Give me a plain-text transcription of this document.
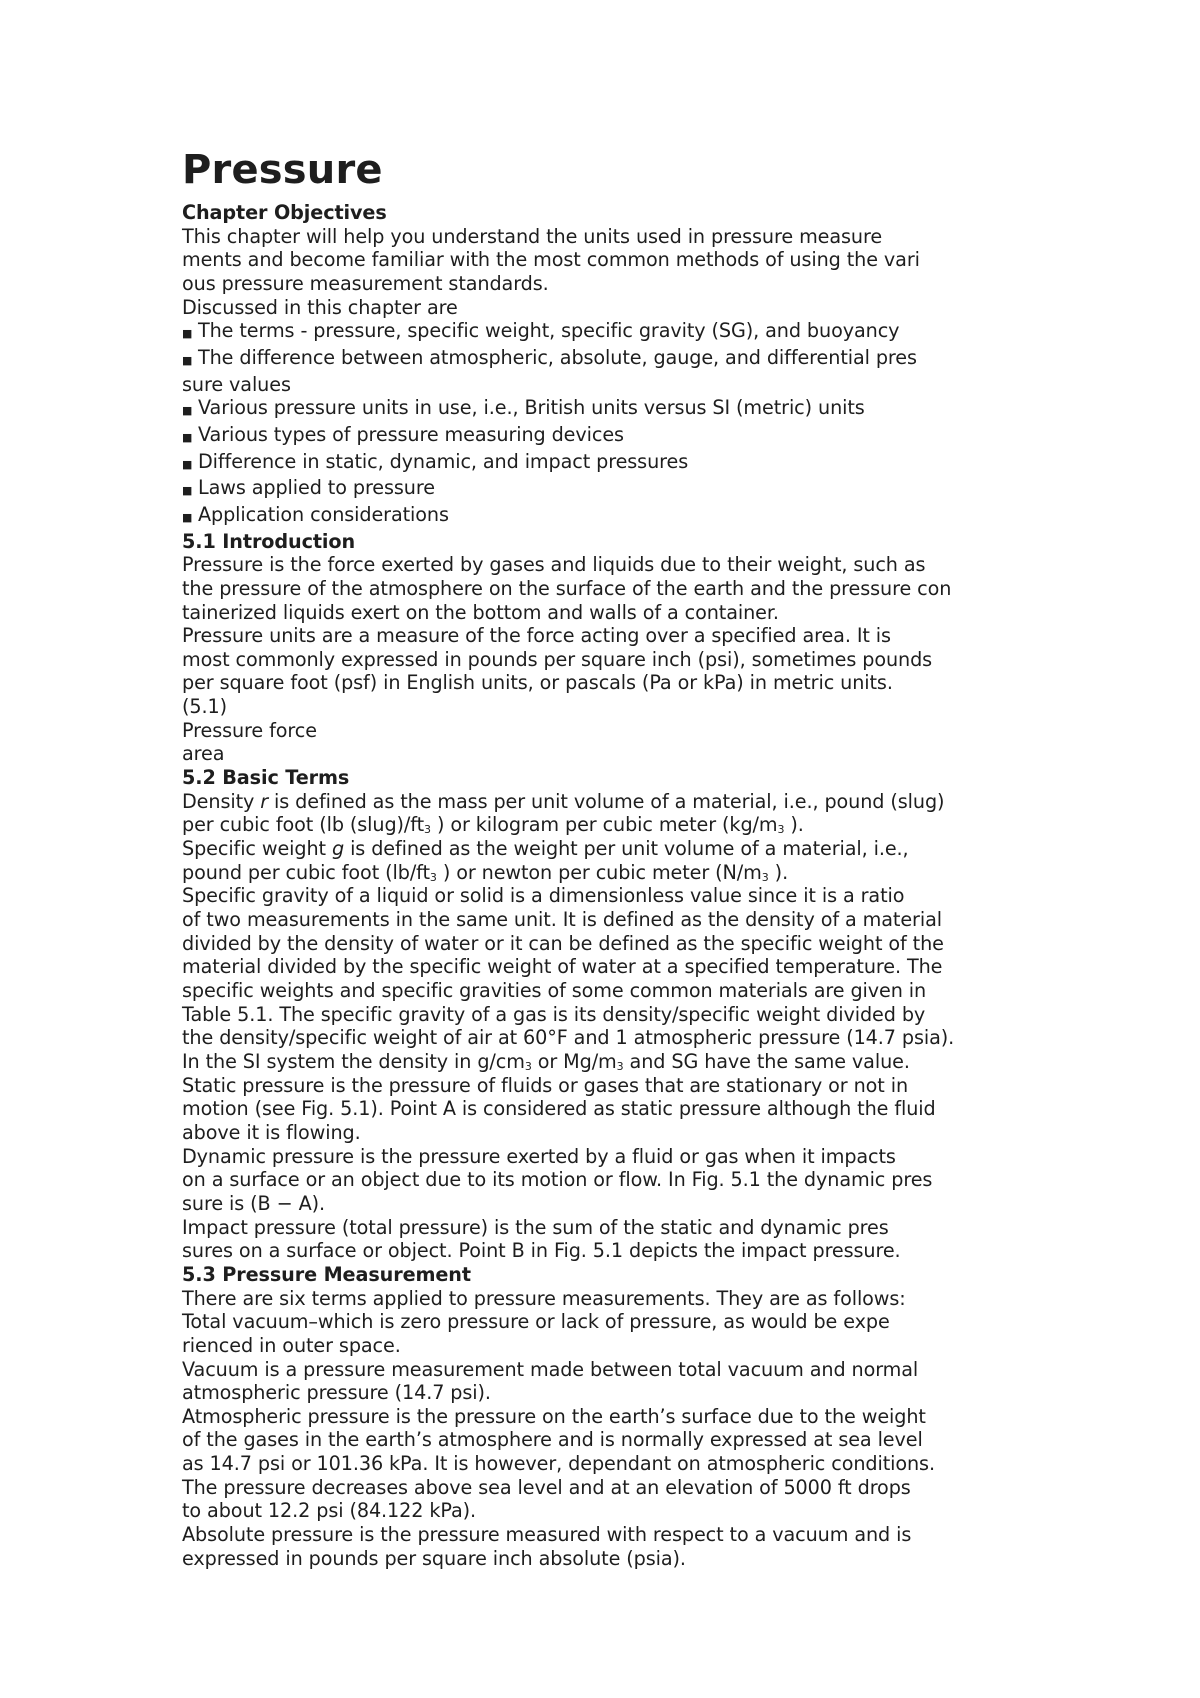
Pressure
Chapter Objectives
This chapter will help you understand the units used in pressure measure
ments and become familiar with the most common methods of using the vari
ous pressure measurement standards.
Discussed in this chapter are
■ The terms - pressure, specific weight, specific gravity (SG), and buoyancy
■ The difference between atmospheric, absolute, gauge, and differential pres
sure values
■ Various pressure units in use, i.e., British units versus SI (metric) units
■ Various types of pressure measuring devices
■ Difference in static, dynamic, and impact pressures
■ Laws applied to pressure
■ Application considerations
5.1 Introduction
Pressure is the force exerted by gases and liquids due to their weight, such as
the pressure of the atmosphere on the surface of the earth and the pressure con
tainerized liquids exert on the bottom and walls of a container.
Pressure units are a measure of the force acting over a specified area. It is
most commonly expressed in pounds per square inch (psi), sometimes pounds
per square foot (psf) in English units, or pascals (Pa or kPa) in metric units.
(5.1)
Pressure force
area
5.2 Basic Terms
Density r is defined as the mass per unit volume of a material, i.e., pound (slug)
per cubic foot (lb (slug)/ft3 ) or kilogram per cubic meter (kg/m3 ).
Specific weight g is defined as the weight per unit volume of a material, i.e.,
pound per cubic foot (lb/ft3 ) or newton per cubic meter (N/m3 ).
Specific gravity of a liquid or solid is a dimensionless value since it is a ratio
of two measurements in the same unit. It is defined as the density of a material
divided by the density of water or it can be defined as the specific weight of the
material divided by the specific weight of water at a specified temperature. The
specific weights and specific gravities of some common materials are given in
Table 5.1. The specific gravity of a gas is its density/specific weight divided by
the density/specific weight of air at 60°F and 1 atmospheric pressure (14.7 psia).
In the SI system the density in g/cm3 or Mg/m3 and SG have the same value.
Static pressure is the pressure of fluids or gases that are stationary or not in
motion (see Fig. 5.1). Point A is considered as static pressure although the fluid
above it is flowing.
Dynamic pressure is the pressure exerted by a fluid or gas when it impacts
on a surface or an object due to its motion or flow. In Fig. 5.1 the dynamic pres
sure is (B − A).
Impact pressure (total pressure) is the sum of the static and dynamic pres
sures on a surface or object. Point B in Fig. 5.1 depicts the impact pressure.
5.3 Pressure Measurement
There are six terms applied to pressure measurements. They are as follows:
Total vacuum–which is zero pressure or lack of pressure, as would be expe
rienced in outer space.
Vacuum is a pressure measurement made between total vacuum and normal
atmospheric pressure (14.7 psi).
Atmospheric pressure is the pressure on the earth’s surface due to the weight
of the gases in the earth’s atmosphere and is normally expressed at sea level
as 14.7 psi or 101.36 kPa. It is however, dependant on atmospheric conditions.
The pressure decreases above sea level and at an elevation of 5000 ft drops
to about 12.2 psi (84.122 kPa).
Absolute pressure is the pressure measured with respect to a vacuum and is
expressed in pounds per square inch absolute (psia).
